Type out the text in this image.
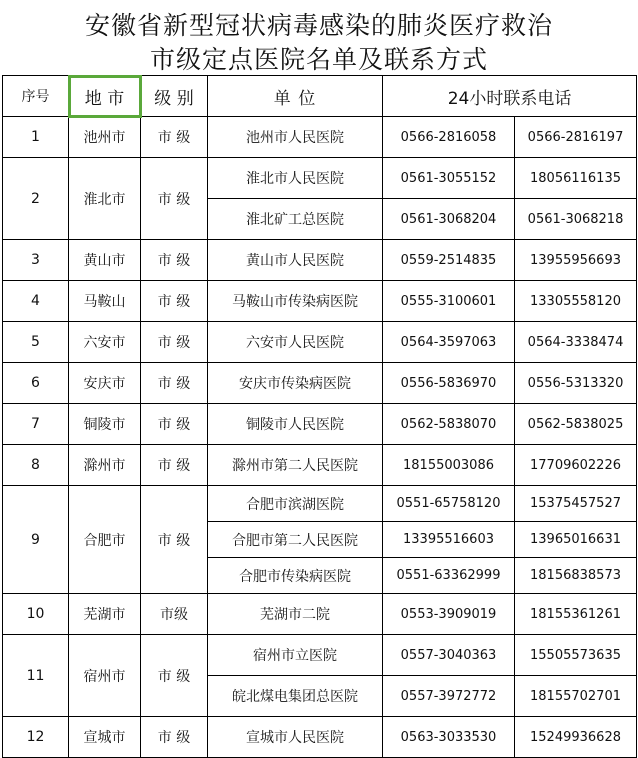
安徽省新型冠状病毒感染的肺炎医疗救治
市级定点医院名单及联系方式
序号	地 市	级 别	单 位	24小时联系电话	
1	池州市	市 级	池州市人民医院	0566-2816058	0566-2816197
2	淮北市	市 级	淮北市人民医院	0561-3055152	18056116135
			淮北矿工总医院	0561-3068204	0561-3068218
3	黄山市	市 级	黄山市人民医院	0559-2514835	13955956693
4	马鞍山	市 级	马鞍山市传染病医院	0555-3100601	13305558120
5	六安市	市 级	六安市人民医院	0564-3597063	0564-3338474
6	安庆市	市 级	安庆市传染病医院	0556-5836970	0556-5313320
7	铜陵市	市 级	铜陵市人民医院	0562-5838070	0562-5838025
8	滁州市	市 级	滁州市第二人民医院	18155003086	17709602226
9	合肥市	市 级	合肥市滨湖医院	0551-65758120	15375457527
			合肥市第二人民医院	13395516603	13965016631
			合肥市传染病医院	0551-63362999	18156838573
10	芜湖市	市级	芜湖市二院	0553-3909019	18155361261
11	宿州市	市 级	宿州市立医院	0557-3040363	15505573635
			皖北煤电集团总医院	0557-3972772	18155702701
12	宣城市	市 级	宣城市人民医院	0563-3033530	15249936628
